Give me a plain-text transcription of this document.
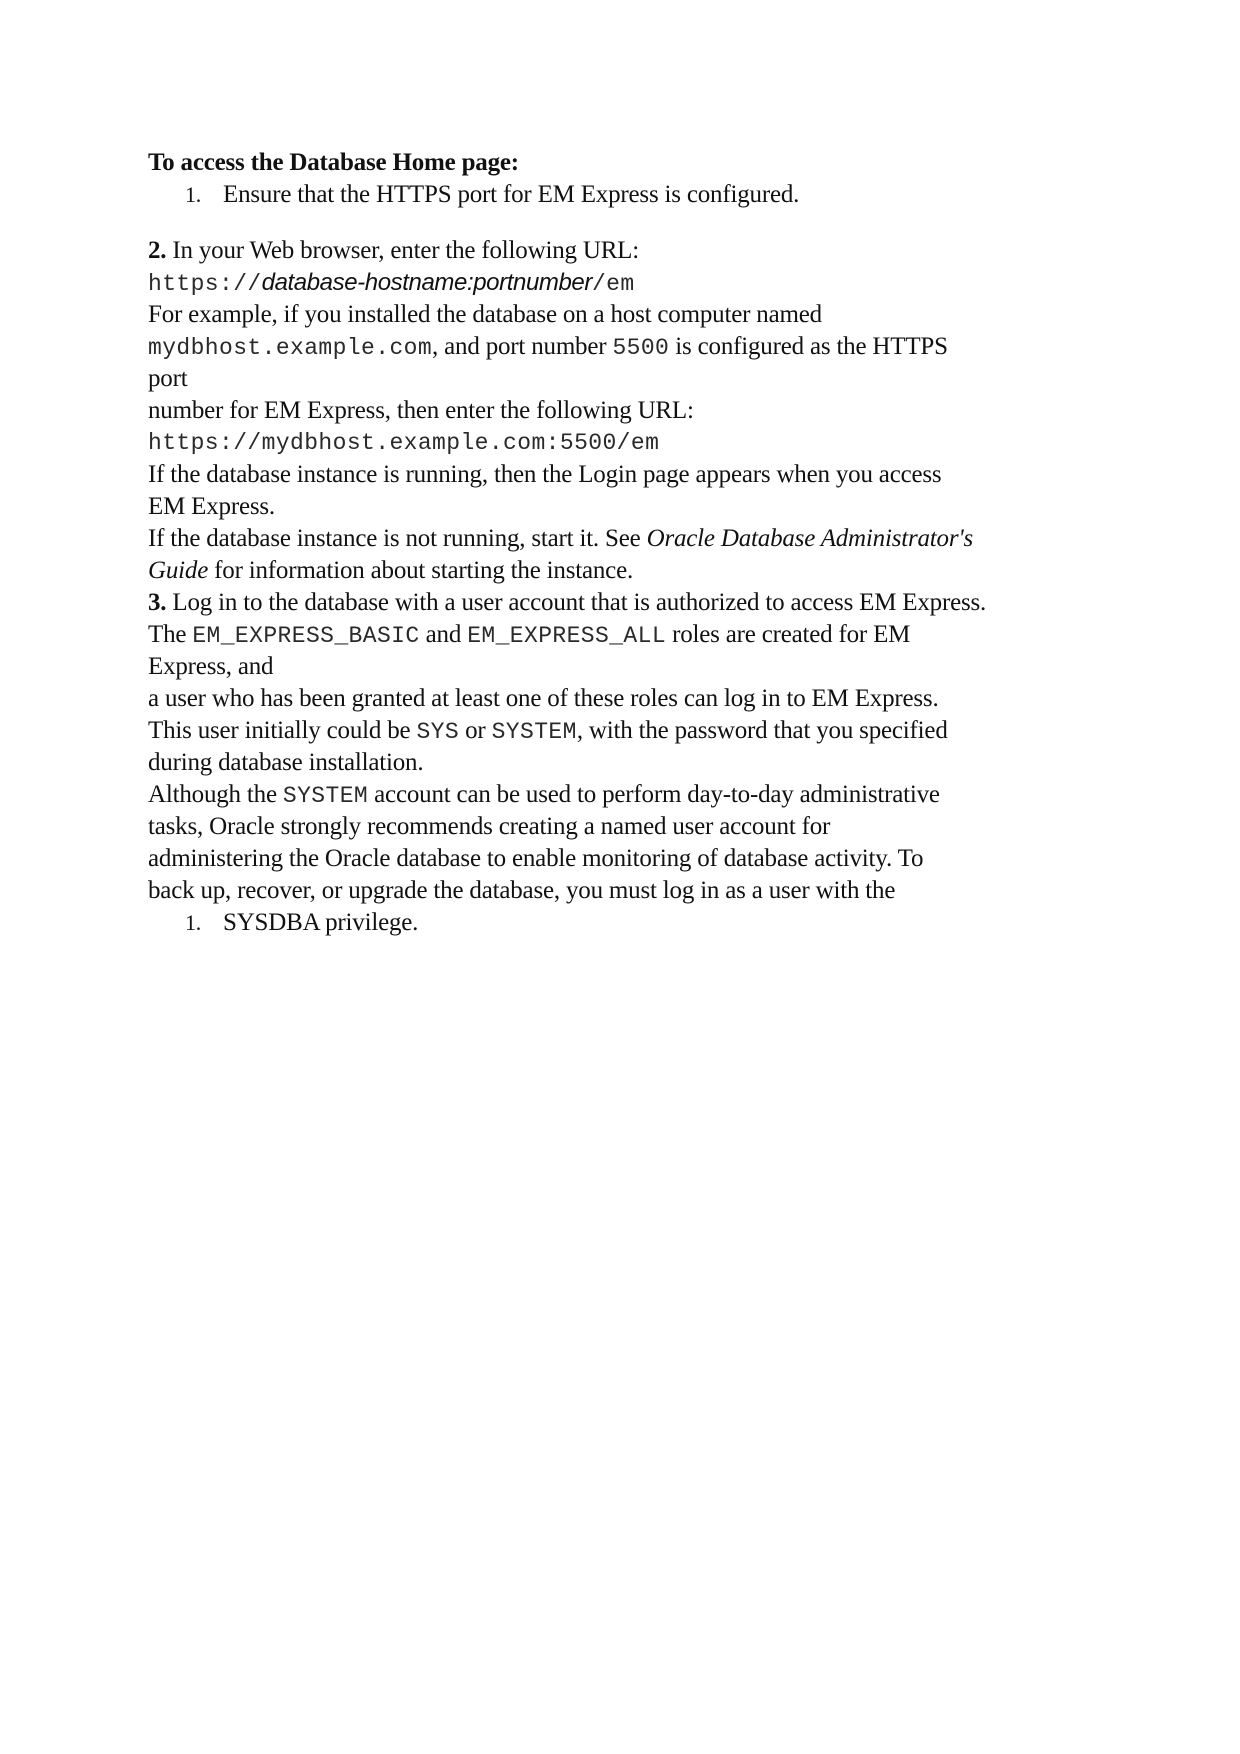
To access the Database Home page:
1. Ensure that the HTTPS port for EM Express is configured.
2. In your Web browser, enter the following URL:
https://database-hostname:portnumber/em
For example, if you installed the database on a host computer named
mydbhost.example.com, and port number 5500 is configured as the HTTPS
port
number for EM Express, then enter the following URL:
https://mydbhost.example.com:5500/em
If the database instance is running, then the Login page appears when you access
EM Express.
If the database instance is not running, start it. See Oracle Database Administrator's
Guide for information about starting the instance.
3. Log in to the database with a user account that is authorized to access EM Express.
The EM_EXPRESS_BASIC and EM_EXPRESS_ALL roles are created for EM
Express, and
a user who has been granted at least one of these roles can log in to EM Express.
This user initially could be SYS or SYSTEM, with the password that you specified
during database installation.
Although the SYSTEM account can be used to perform day-to-day administrative
tasks, Oracle strongly recommends creating a named user account for
administering the Oracle database to enable monitoring of database activity. To
back up, recover, or upgrade the database, you must log in as a user with the
1. SYSDBA privilege.
